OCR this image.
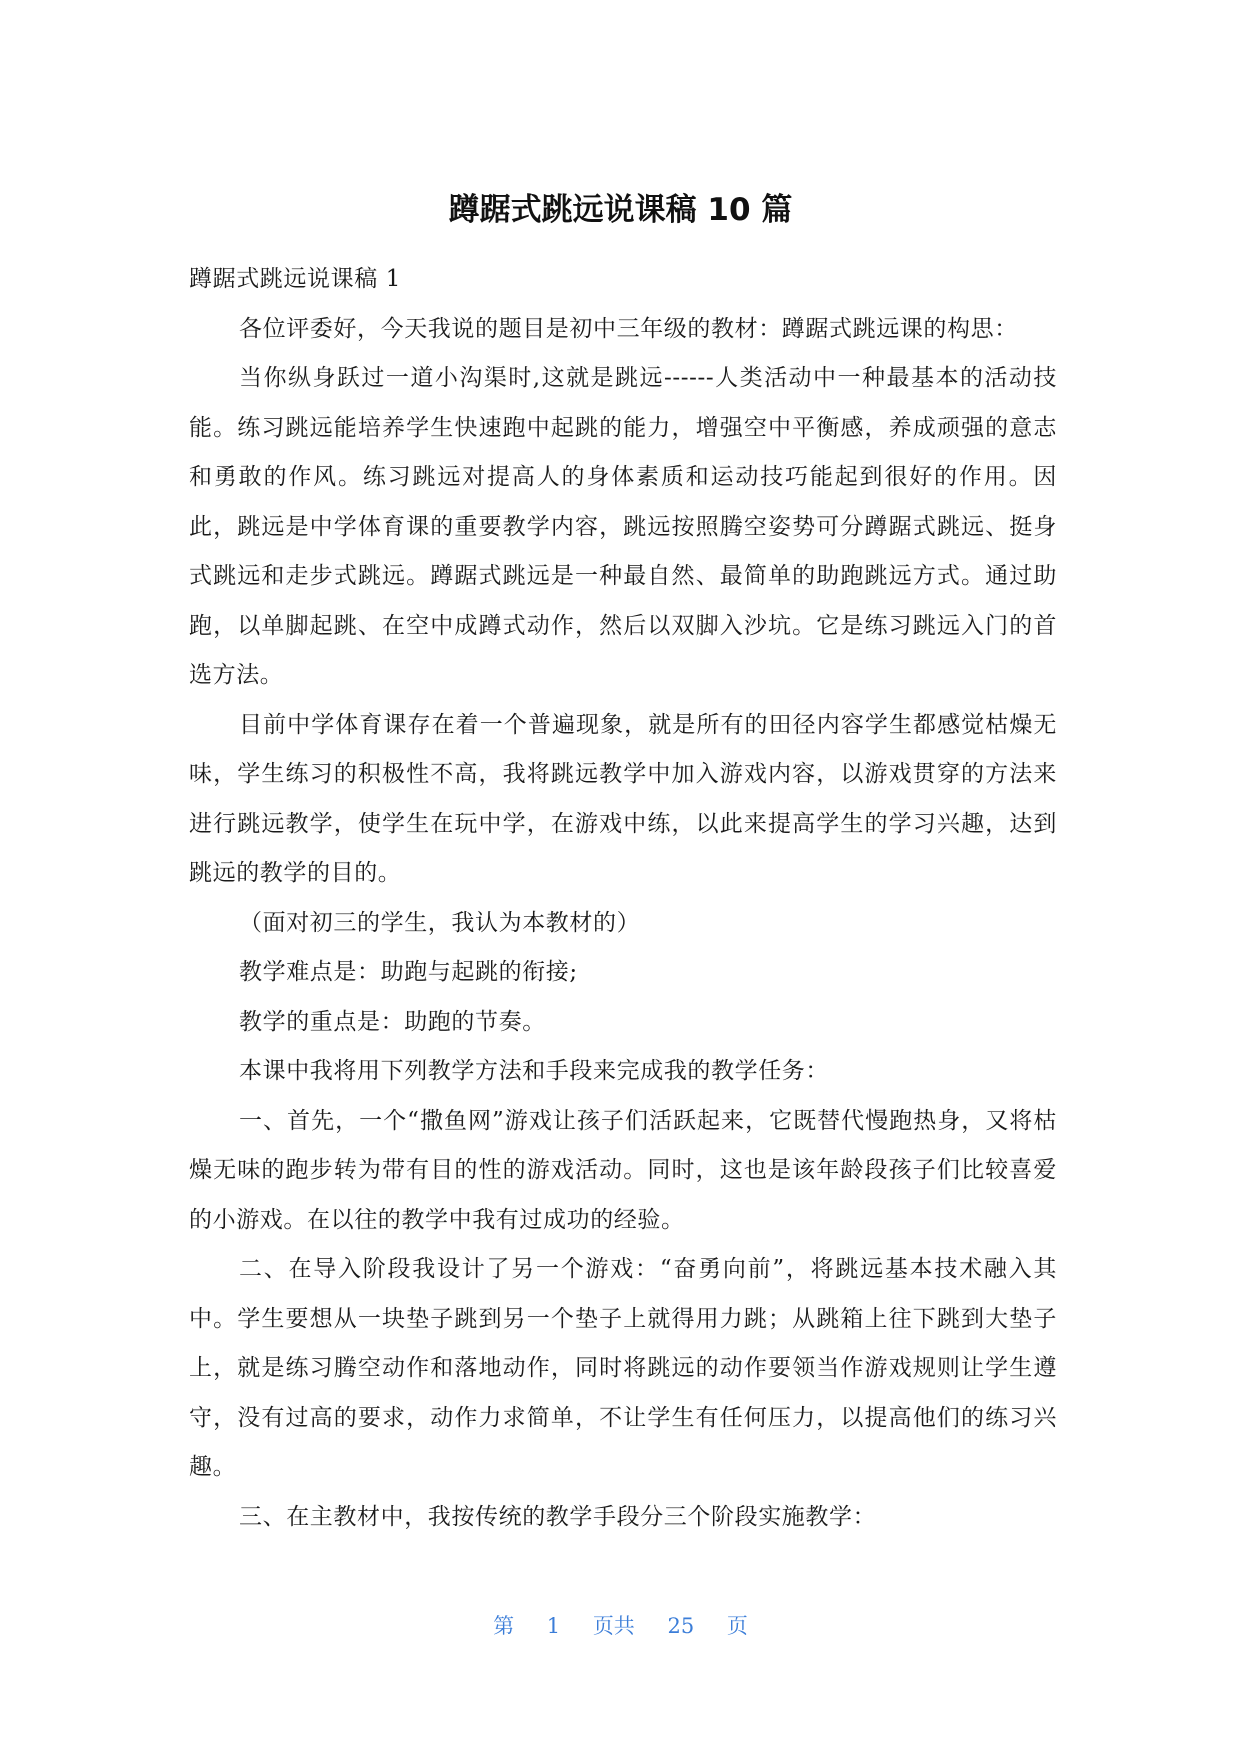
蹲踞式跳远说课稿 10 篇

蹲踞式跳远说课稿 1

各位评委好，今天我说的题目是初中三年级的教材：蹲踞式跳远课的构思：

当你纵身跃过一道小沟渠时,这就是跳远------人类活动中一种最基本的活动技能。练习跳远能培养学生快速跑中起跳的能力，增强空中平衡感，养成顽强的意志和勇敢的作风。练习跳远对提高人的身体素质和运动技巧能起到很好的作用。因此，跳远是中学体育课的重要教学内容，跳远按照腾空姿势可分蹲踞式跳远、挺身式跳远和走步式跳远。蹲踞式跳远是一种最自然、最简单的助跑跳远方式。通过助跑，以单脚起跳、在空中成蹲式动作，然后以双脚入沙坑。它是练习跳远入门的首选方法。

目前中学体育课存在着一个普遍现象，就是所有的田径内容学生都感觉枯燥无味，学生练习的积极性不高，我将跳远教学中加入游戏内容，以游戏贯穿的方法来进行跳远教学，使学生在玩中学，在游戏中练，以此来提高学生的学习兴趣，达到跳远的教学的目的。

（面对初三的学生，我认为本教材的）

教学难点是：助跑与起跳的衔接;

教学的重点是：助跑的节奏。

本课中我将用下列教学方法和手段来完成我的教学任务：

一、首先，一个“撒鱼网”游戏让孩子们活跃起来，它既替代慢跑热身，又将枯燥无味的跑步转为带有目的性的游戏活动。同时，这也是该年龄段孩子们比较喜爱的小游戏。在以往的教学中我有过成功的经验。

二、在导入阶段我设计了另一个游戏：“奋勇向前”，将跳远基本技术融入其中。学生要想从一块垫子跳到另一个垫子上就得用力跳；从跳箱上往下跳到大垫子上，就是练习腾空动作和落地动作，同时将跳远的动作要领当作游戏规则让学生遵守，没有过高的要求，动作力求简单，不让学生有任何压力，以提高他们的练习兴趣。

三、在主教材中，我按传统的教学手段分三个阶段实施教学：

第 1 页共 25 页
